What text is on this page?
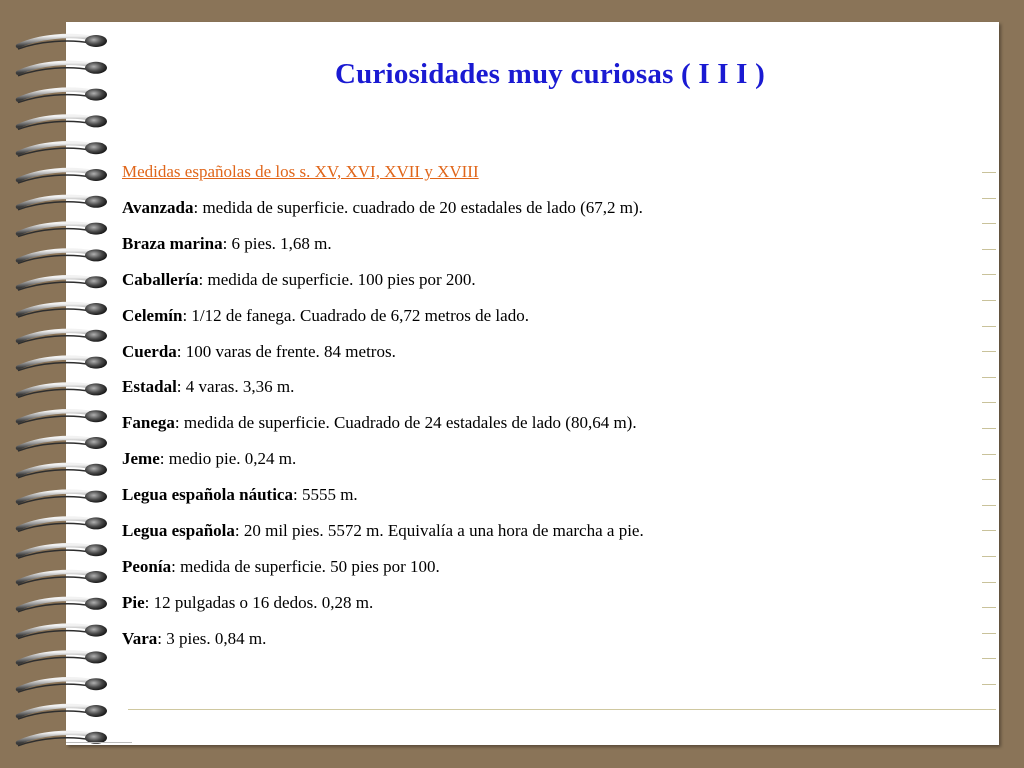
Curiosidades muy curiosas ( I I I )

Medidas españolas de los s. XV, XVI, XVII y XVIII

Avanzada: medida de superficie. cuadrado de 20 estadales de lado (67,2 m).

Braza marina: 6 pies. 1,68 m.

Caballería: medida de superficie. 100 pies por 200.

Celemín: 1/12 de fanega. Cuadrado de 6,72 metros de lado.

Cuerda: 100 varas de frente. 84 metros.

Estadal: 4 varas. 3,36 m.

Fanega: medida de superficie. Cuadrado de 24 estadales de lado (80,64 m).

Jeme: medio pie. 0,24 m.

Legua española náutica: 5555 m.

Legua española: 20 mil pies. 5572 m. Equivalía a una hora de marcha a pie.

Peonía: medida de superficie. 50 pies por 100.

Pie: 12 pulgadas o 16 dedos. 0,28 m.

Vara: 3 pies. 0,84 m.
